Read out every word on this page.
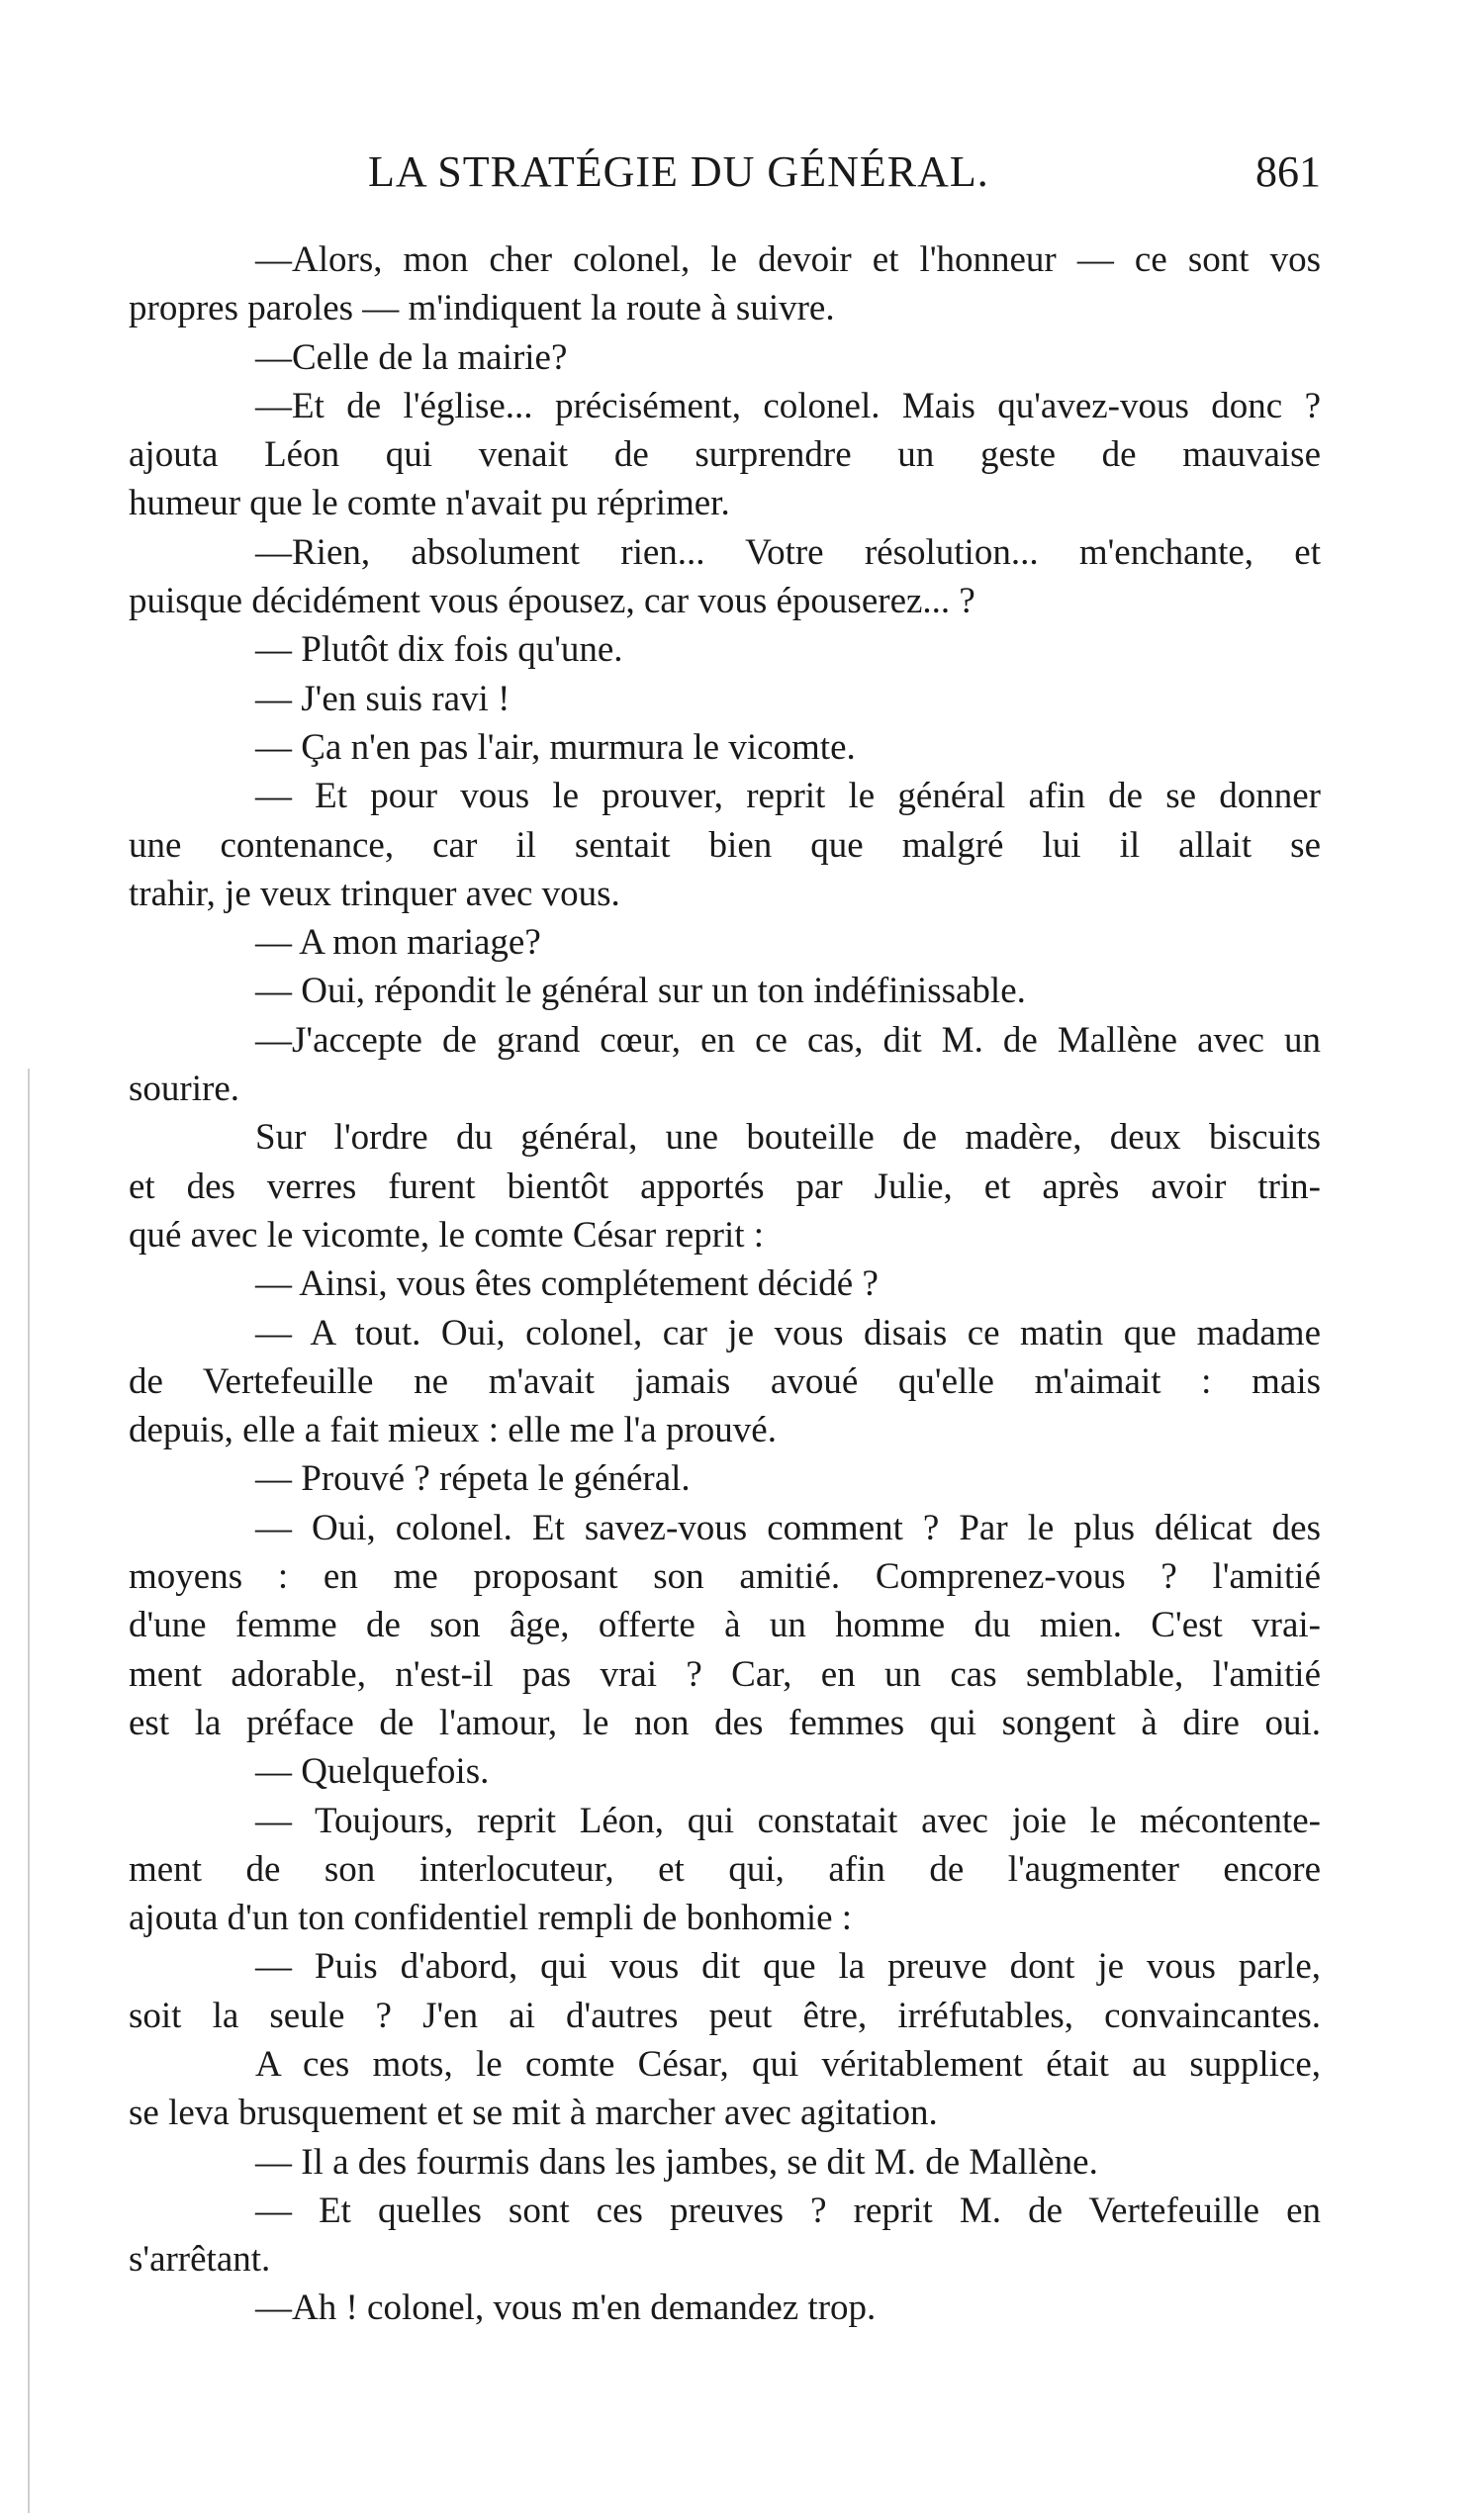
LA STRATÉGIE DU GÉNÉRAL.	861
—Alors, mon cher colonel, le devoir et l'honneur — ce sont vos
propres paroles — m'indiquent la route à suivre.
—Celle de la mairie?
—Et de l'église... précisément, colonel. Mais qu'avez-vous donc ?
ajouta Léon qui venait de surprendre un geste de mauvaise
humeur que le comte n'avait pu réprimer.
—Rien, absolument rien... Votre résolution... m'enchante, et
puisque décidément vous épousez, car vous épouserez... ?
— Plutôt dix fois qu'une.
— J'en suis ravi !
— Ça n'en pas l'air, murmura le vicomte.
— Et pour vous le prouver, reprit le général afin de se donner
une contenance, car il sentait bien que malgré lui il allait se
trahir, je veux trinquer avec vous.
— A mon mariage?
— Oui, répondit le général sur un ton indéfinissable.
—J'accepte de grand cœur, en ce cas, dit M. de Mallène avec un
sourire.
Sur l'ordre du général, une bouteille de madère, deux biscuits
et des verres furent bientôt apportés par Julie, et après avoir trin-
qué avec le vicomte, le comte César reprit :
— Ainsi, vous êtes complétement décidé ?
— A tout. Oui, colonel, car je vous disais ce matin que madame
de Vertefeuille ne m'avait jamais avoué qu'elle m'aimait : mais
depuis, elle a fait mieux : elle me l'a prouvé.
— Prouvé ? répeta le général.
— Oui, colonel. Et savez-vous comment ? Par le plus délicat des
moyens : en me proposant son amitié. Comprenez-vous ? l'amitié
d'une femme de son âge, offerte à un homme du mien. C'est vrai-
ment adorable, n'est-il pas vrai ? Car, en un cas semblable, l'amitié
est la préface de l'amour, le non des femmes qui songent à dire oui.
— Quelquefois.
— Toujours, reprit Léon, qui constatait avec joie le mécontente-
ment de son interlocuteur, et qui, afin de l'augmenter encore
ajouta d'un ton confidentiel rempli de bonhomie :
— Puis d'abord, qui vous dit que la preuve dont je vous parle,
soit la seule ? J'en ai d'autres peut être, irréfutables, convaincantes.
A ces mots, le comte César, qui véritablement était au supplice,
se leva brusquement et se mit à marcher avec agitation.
— Il a des fourmis dans les jambes, se dit M. de Mallène.
— Et quelles sont ces preuves ? reprit M. de Vertefeuille en
s'arrêtant.
—Ah ! colonel, vous m'en demandez trop.
